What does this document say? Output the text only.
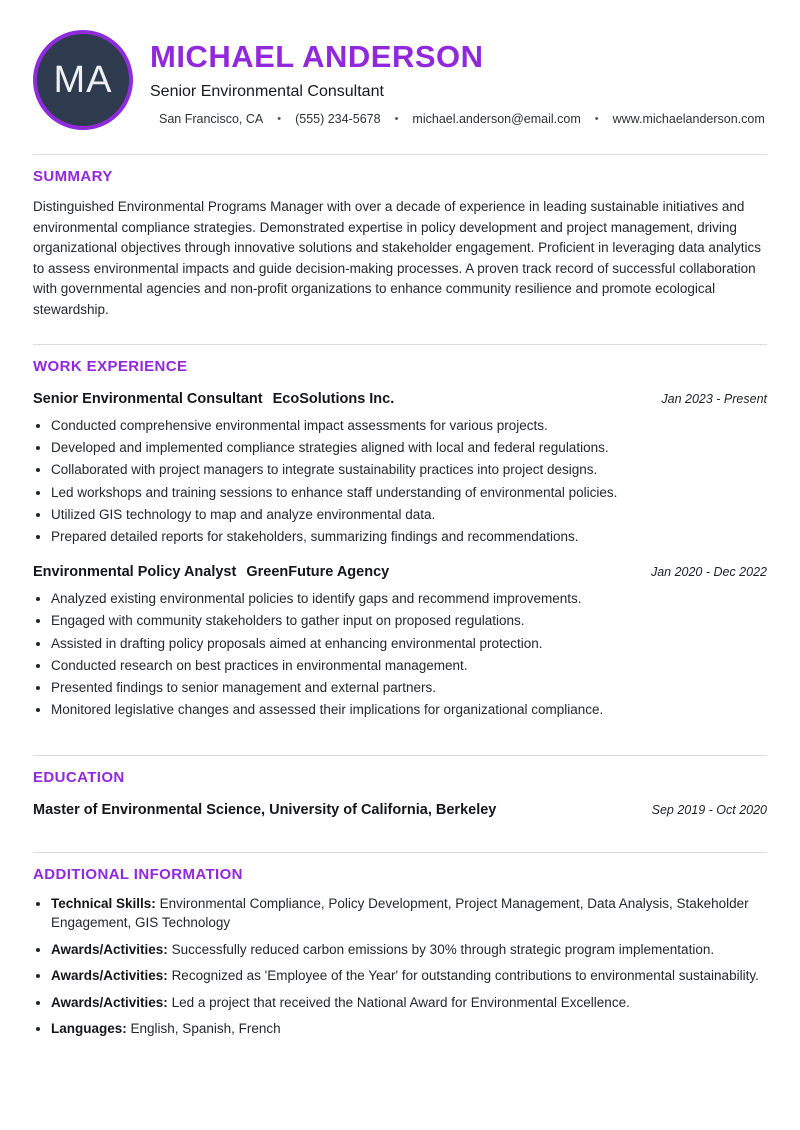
MA
MICHAEL ANDERSON
Senior Environmental Consultant
San Francisco, CA • (555) 234-5678 • michael.anderson@email.com • www.michaelanderson.com
SUMMARY

Distinguished Environmental Programs Manager with over a decade of experience in leading sustainable initiatives and environmental compliance strategies. Demonstrated expertise in policy development and project management, driving organizational objectives through innovative solutions and stakeholder engagement. Proficient in leveraging data analytics to assess environmental impacts and guide decision-making processes. A proven track record of successful collaboration with governmental agencies and non-profit organizations to enhance community resilience and promote ecological stewardship.

WORK EXPERIENCE
Senior Environmental Consultant EcoSolutions Inc.	Jan 2023 - Present
• Conducted comprehensive environmental impact assessments for various projects.
• Developed and implemented compliance strategies aligned with local and federal regulations.
• Collaborated with project managers to integrate sustainability practices into project designs.
• Led workshops and training sessions to enhance staff understanding of environmental policies.
• Utilized GIS technology to map and analyze environmental data.
• Prepared detailed reports for stakeholders, summarizing findings and recommendations.
Environmental Policy Analyst GreenFuture Agency	Jan 2020 - Dec 2022
• Analyzed existing environmental policies to identify gaps and recommend improvements.
• Engaged with community stakeholders to gather input on proposed regulations.
• Assisted in drafting policy proposals aimed at enhancing environmental protection.
• Conducted research on best practices in environmental management.
• Presented findings to senior management and external partners.
• Monitored legislative changes and assessed their implications for organizational compliance.
EDUCATION
Master of Environmental Science, University of California, Berkeley	Sep 2019 - Oct 2020
ADDITIONAL INFORMATION
• Technical Skills: Environmental Compliance, Policy Development, Project Management, Data Analysis, Stakeholder Engagement, GIS Technology
• Awards/Activities: Successfully reduced carbon emissions by 30% through strategic program implementation.
• Awards/Activities: Recognized as 'Employee of the Year' for outstanding contributions to environmental sustainability.
• Awards/Activities: Led a project that received the National Award for Environmental Excellence.
• Languages: English, Spanish, French
